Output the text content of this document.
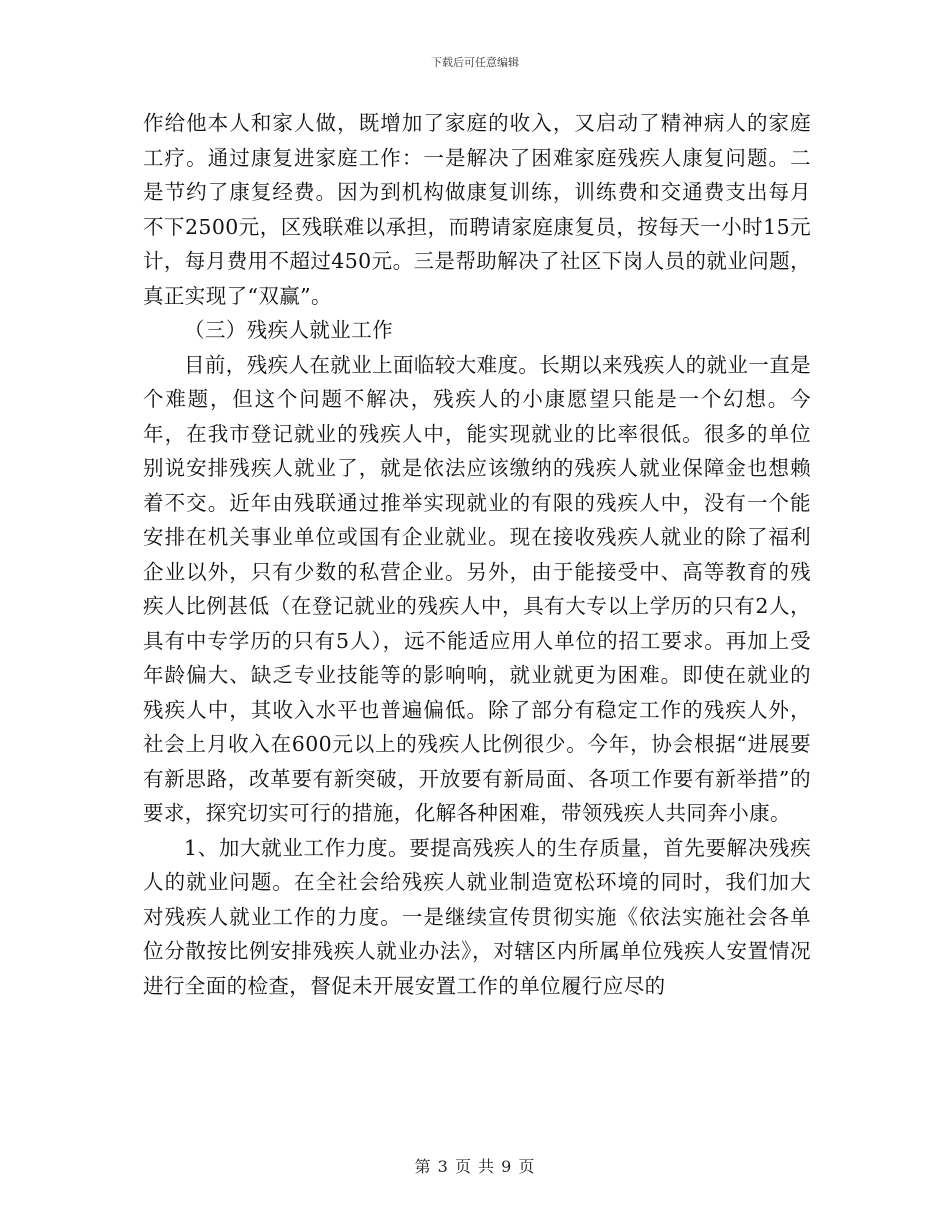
下载后可任意编辑

作给他本人和家人做，既增加了家庭的收入，又启动了精神病人的家庭工疗。通过康复进家庭工作：一是解决了困难家庭残疾人康复问题。二是节约了康复经费。因为到机构做康复训练，训练费和交通费支出每月不下2500元，区残联难以承担，而聘请家庭康复员，按每天一小时15元计，每月费用不超过450元。三是帮助解决了社区下岗人员的就业问题，真正实现了“双赢”。

（三）残疾人就业工作

目前，残疾人在就业上面临较大难度。长期以来残疾人的就业一直是个难题，但这个问题不解决，残疾人的小康愿望只能是一个幻想。今年，在我市登记就业的残疾人中，能实现就业的比率很低。很多的单位别说安排残疾人就业了，就是依法应该缴纳的残疾人就业保障金也想赖着不交。近年由残联通过推举实现就业的有限的残疾人中，没有一个能安排在机关事业单位或国有企业就业。现在接收残疾人就业的除了福利企业以外，只有少数的私营企业。另外，由于能接受中、高等教育的残疾人比例甚低（在登记就业的残疾人中，具有大专以上学历的只有2人，具有中专学历的只有5人），远不能适应用人单位的招工要求。再加上受年龄偏大、缺乏专业技能等的影响响，就业就更为困难。即使在就业的残疾人中，其收入水平也普遍偏低。除了部分有稳定工作的残疾人外，社会上月收入在600元以上的残疾人比例很少。今年，协会根据“进展要有新思路，改革要有新突破，开放要有新局面、各项工作要有新举措”的要求，探究切实可行的措施，化解各种困难，带领残疾人共同奔小康。

1、加大就业工作力度。要提高残疾人的生存质量，首先要解决残疾人的就业问题。在全社会给残疾人就业制造宽松环境的同时，我们加大对残疾人就业工作的力度。一是继续宣传贯彻实施《依法实施社会各单位分散按比例安排残疾人就业办法》，对辖区内所属单位残疾人安置情况进行全面的检查，督促未开展安置工作的单位履行应尽的

第 3 页 共 9 页
